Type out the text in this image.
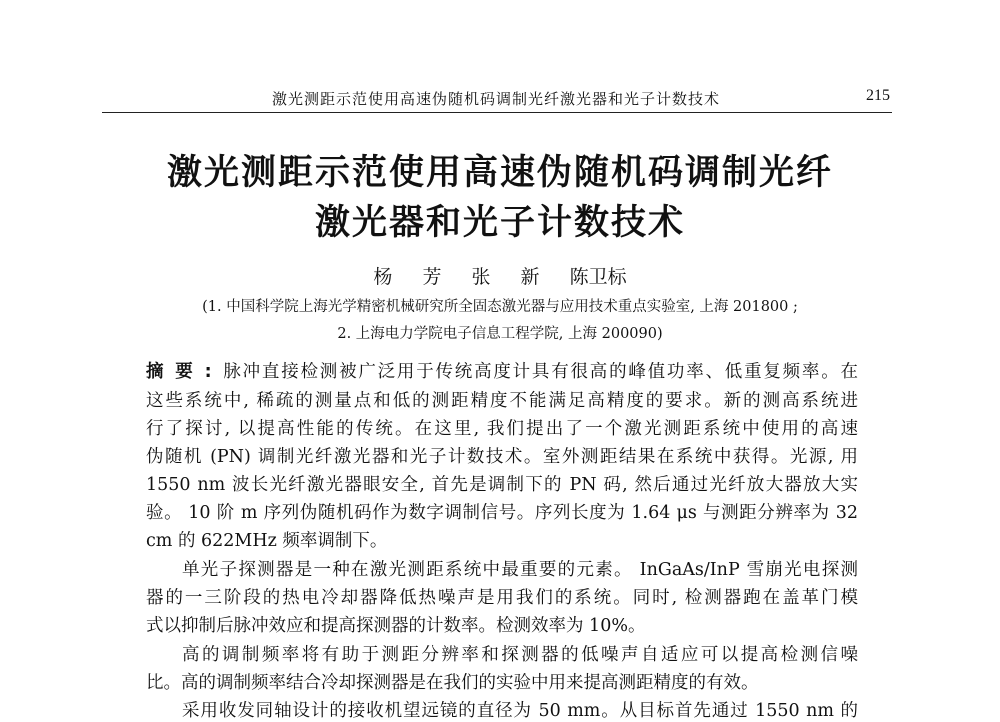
激光测距示范使用高速伪随机码调制光纤激光器和光子计数技术	215
激光测距示范使用高速伪随机码调制光纤
激光器和光子计数技术
杨 芳 张 新 陈卫标
(1. 中国科学院上海光学精密机械研究所全固态激光器与应用技术重点实验室, 上海 201800 ;
2. 上海电力学院电子信息工程学院, 上海 200090)
摘要:脉冲直接检测被广泛用于传统高度计具有很高的峰值功率、低重复频率。在
这些系统中, 稀疏的测量点和低的测距精度不能满足高精度的要求。新的测高系统进
行了探讨, 以提高性能的传统。在这里, 我们提出了一个激光测距系统中使用的高速
伪随机 (PN) 调制光纤激光器和光子计数技术。室外测距结果在系统中获得。光源, 用
1550 nm 波长光纤激光器眼安全, 首先是调制下的 PN 码, 然后通过光纤放大器放大实
验。 10 阶 m 序列伪随机码作为数字调制信号。序列长度为 1.64 μs 与测距分辨率为 32
cm 的 622MHz 频率调制下。
单光子探测器是一种在激光测距系统中最重要的元素。 InGaAs/InP 雪崩光电探测
器的一三阶段的热电冷却器降低热噪声是用我们的系统。同时, 检测器跑在盖革门模
式以抑制后脉冲效应和提高探测器的计数率。检测效率为 10%。
高的调制频率将有助于测距分辨率和探测器的低噪声自适应可以提高检测信噪
比。高的调制频率结合冷却探测器是在我们的实验中用来提高测距精度的有效。
采用收发同轴设计的接收机望远镜的直径为 50 mm。从目标首先通过 1550 nm 的
